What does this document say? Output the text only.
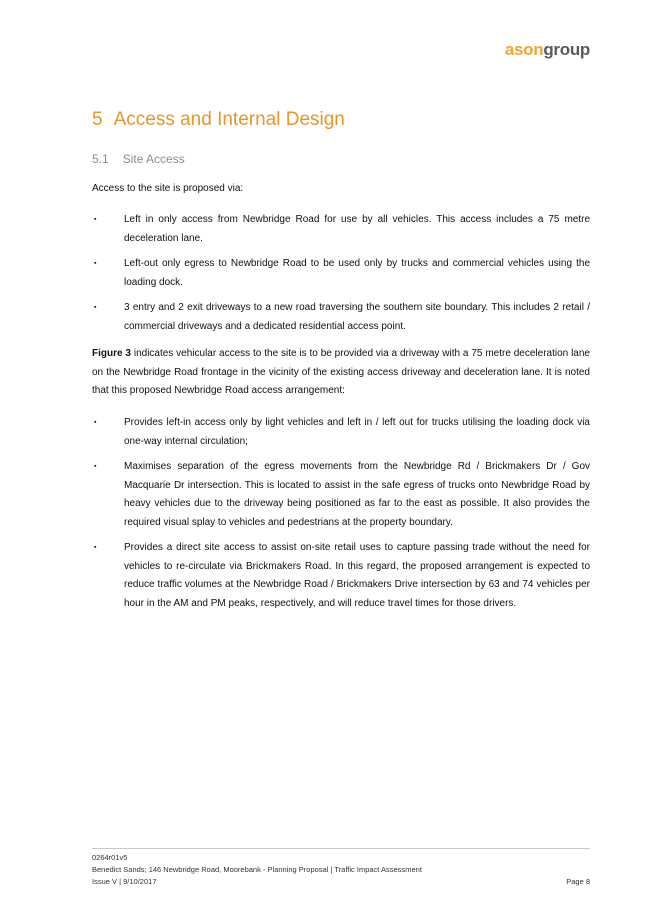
asongroup
5 Access and Internal Design
5.1 Site Access
Access to the site is proposed via:
▪	Left in only access from Newbridge Road for use by all vehicles. This access includes a 75 metre deceleration lane.
▪	Left-out only egress to Newbridge Road to be used only by trucks and commercial vehicles using the loading dock.
▪	3 entry and 2 exit driveways to a new road traversing the southern site boundary. This includes 2 retail / commercial driveways and a dedicated residential access point.
Figure 3 indicates vehicular access to the site is to be provided via a driveway with a 75 metre deceleration lane on the Newbridge Road frontage in the vicinity of the existing access driveway and deceleration lane. It is noted that this proposed Newbridge Road access arrangement:
▪	Provides left-in access only by light vehicles and left in / left out for trucks utilising the loading dock via one-way internal circulation;
▪	Maximises separation of the egress movements from the Newbridge Rd / Brickmakers Dr / Gov Macquarie Dr intersection. This is located to assist in the safe egress of trucks onto Newbridge Road by heavy vehicles due to the driveway being positioned as far to the east as possible. It also provides the required visual splay to vehicles and pedestrians at the property boundary.
▪	Provides a direct site access to assist on-site retail uses to capture passing trade without the need for vehicles to re-circulate via Brickmakers Road. In this regard, the proposed arrangement is expected to reduce traffic volumes at the Newbridge Road / Brickmakers Drive intersection by 63 and 74 vehicles per hour in the AM and PM peaks, respectively, and will reduce travel times for those drivers.
0264r01v5
Benedict Sands; 146 Newbridge Road, Moorebank - Planning Proposal | Traffic Impact Assessment
Issue V | 9/10/2017	Page 8
